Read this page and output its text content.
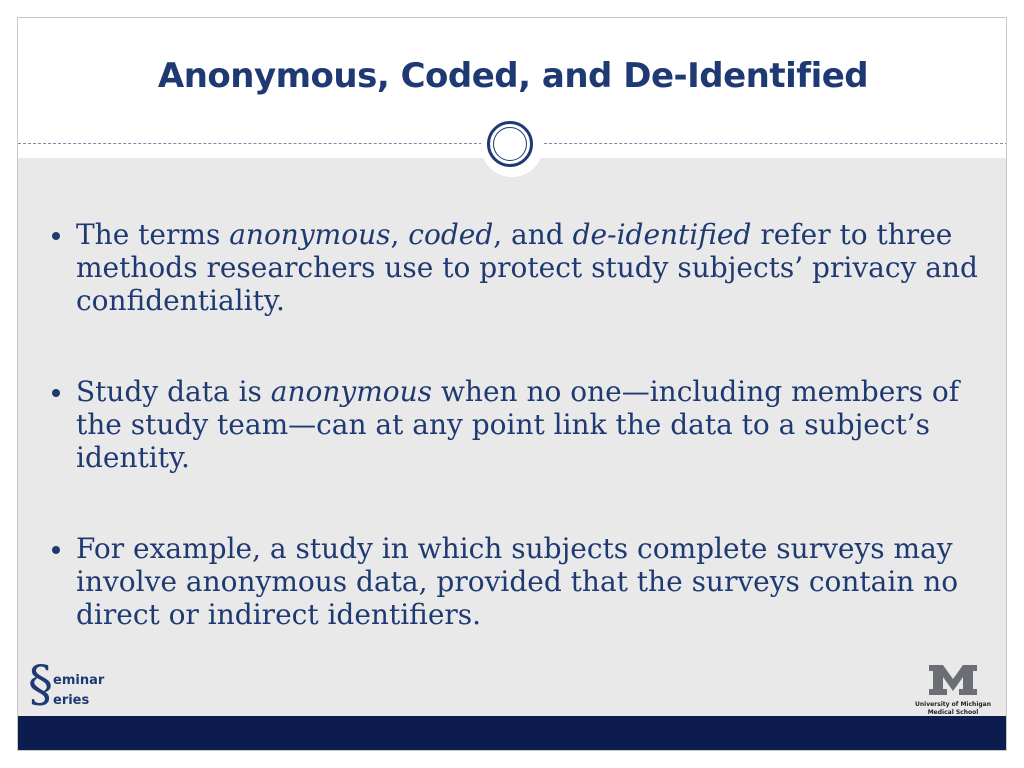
Anonymous, Coded, and De-Identified
The terms anonymous, coded, and de-identified refer to three methods researchers use to protect study subjects’ privacy and confidentiality.
Study data is anonymous when no one—including members of the study team—can at any point link the data to a subject’s identity.
For example, a study in which subjects complete surveys may involve anonymous data, provided that the surveys contain no direct or indirect identifiers.
§ eminar
eries	University of Michigan
Medical School
